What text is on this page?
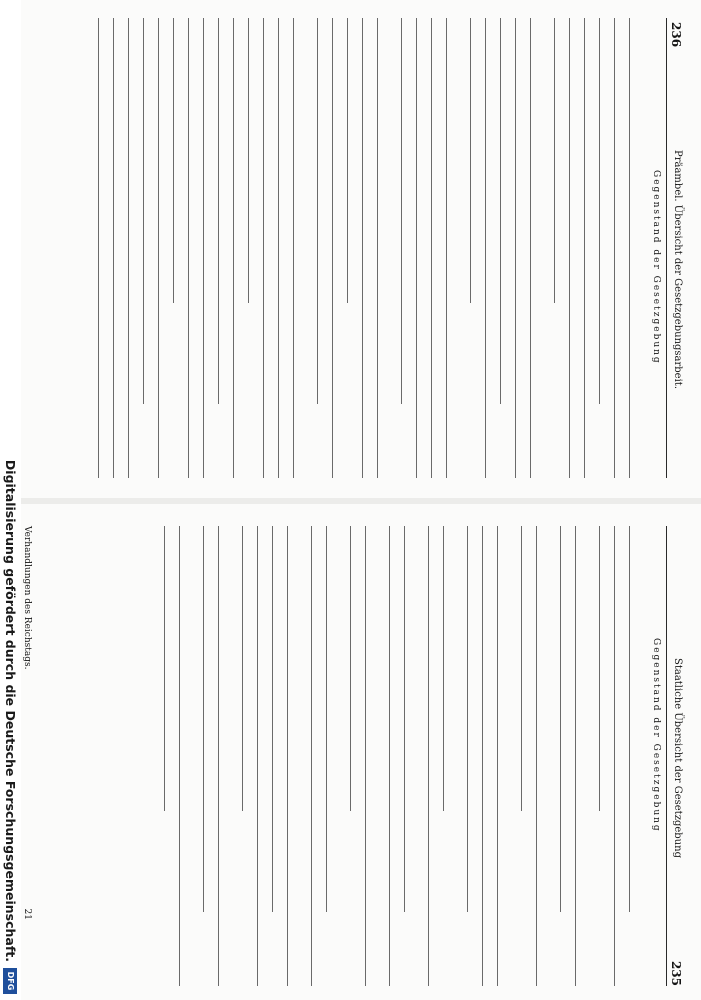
236
Präambel. Übersicht der Gesetzgebungsarbeit.
Gegenstand der Gesetzgebung
235
Staatliche Übersicht der Gesetzgebung
Gegenstand der Gesetzgebung
Verhandlungen des Reichstags.
21
Digitalisierung gefördert durch die Deutsche Forschungsgemeinschaft.
DFG
